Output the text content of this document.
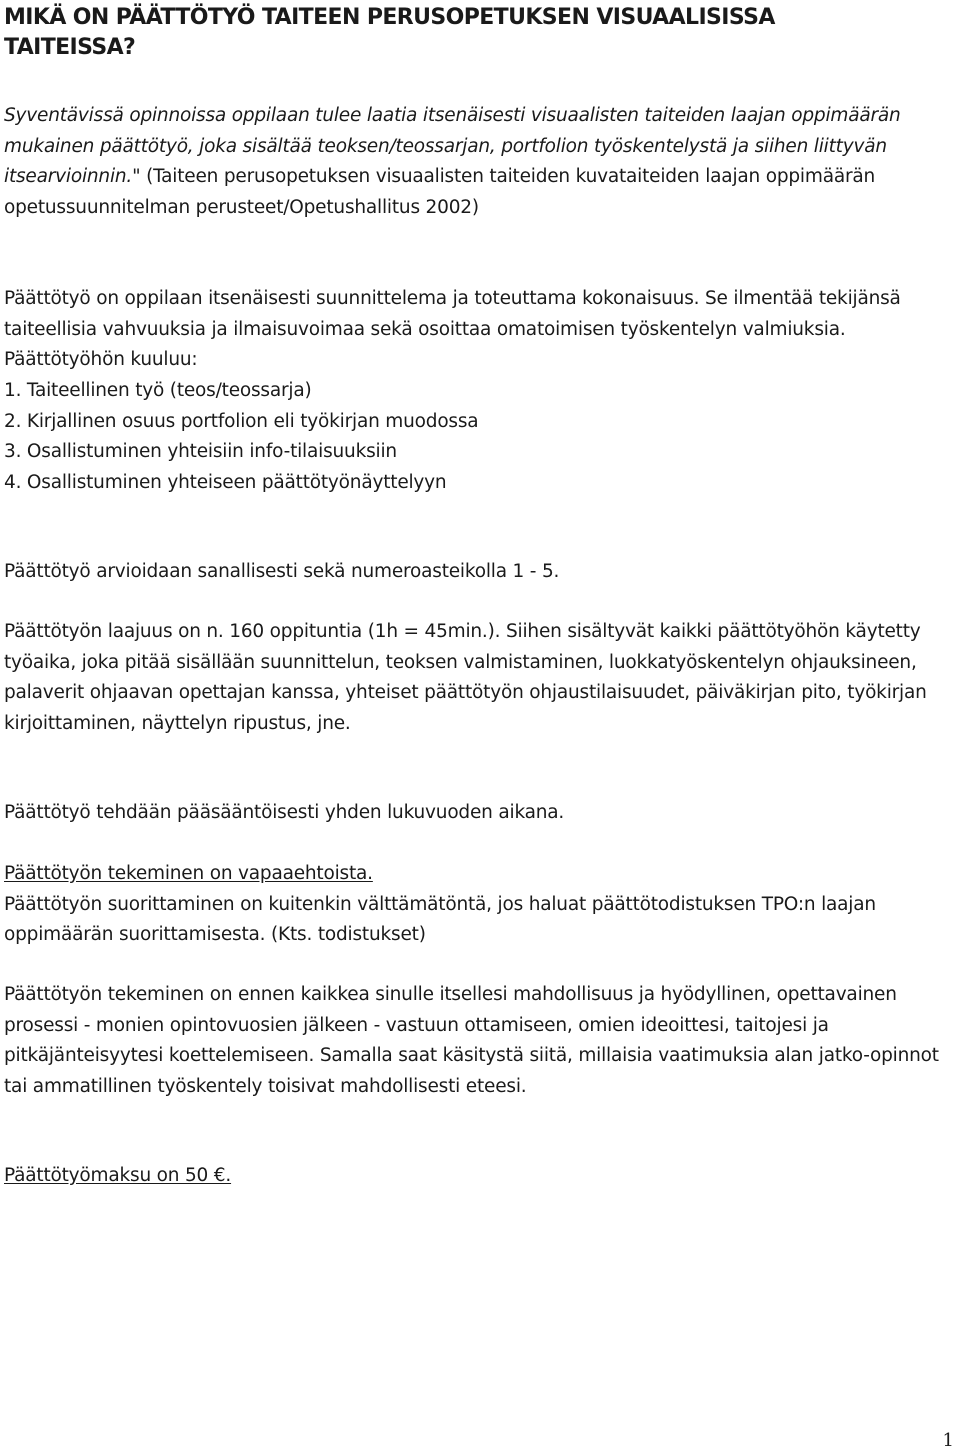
MIKÄ ON PÄÄTTÖTYÖ TAITEEN PERUSOPETUKSEN VISUAALISISSA TAITEISSA?

Syventävissä opinnoissa oppilaan tulee laatia itsenäisesti visuaalisten taiteiden laajan oppimäärän mukainen päättötyö, joka sisältää teoksen/teossarjan, portfolion työskentelystä ja siihen liittyvän itsearvioinnin." (Taiteen perusopetuksen visuaalisten taiteiden kuvataiteiden laajan oppimäärän opetussuunnitelman perusteet/Opetushallitus 2002)

Päättötyö on oppilaan itsenäisesti suunnittelema ja toteuttama kokonaisuus. Se ilmentää tekijänsä taiteellisia vahvuuksia ja ilmaisuvoimaa sekä osoittaa omatoimisen työskentelyn valmiuksia. Päättötyöhön kuuluu:

1. Taiteellinen työ (teos/teossarja)
2. Kirjallinen osuus portfolion eli työkirjan muodossa
3. Osallistuminen yhteisiin info-tilaisuuksiin
4. Osallistuminen yhteiseen päättötyönäyttelyyn

Päättötyö arvioidaan sanallisesti sekä numeroasteikolla 1 - 5.

Päättötyön laajuus on n. 160 oppituntia (1h = 45min.). Siihen sisältyvät kaikki päättötyöhön käytetty työaika, joka pitää sisällään suunnittelun, teoksen valmistaminen, luokkatyöskentelyn ohjauksineen, palaverit ohjaavan opettajan kanssa, yhteiset päättötyön ohjaustilaisuudet, päiväkirjan pito, työkirjan kirjoittaminen, näyttelyn ripustus, jne.

Päättötyö tehdään pääsääntöisesti yhden lukuvuoden aikana.

Päättötyön tekeminen on vapaaehtoista.
Päättötyön suorittaminen on kuitenkin välttämätöntä, jos haluat päättötodistuksen TPO:n laajan oppimäärän suorittamisesta. (Kts. todistukset)

Päättötyön tekeminen on ennen kaikkea sinulle itsellesi mahdollisuus ja hyödyllinen, opettavainen prosessi - monien opintovuosien jälkeen - vastuun ottamiseen, omien ideoittesi, taitojesi ja pitkäjänteisyytesi koettelemiseen. Samalla saat käsitystä siitä, millaisia vaatimuksia alan jatko-opinnot tai ammatillinen työskentely toisivat mahdollisesti eteesi.

Päättötyömaksu on 50 €.

1
